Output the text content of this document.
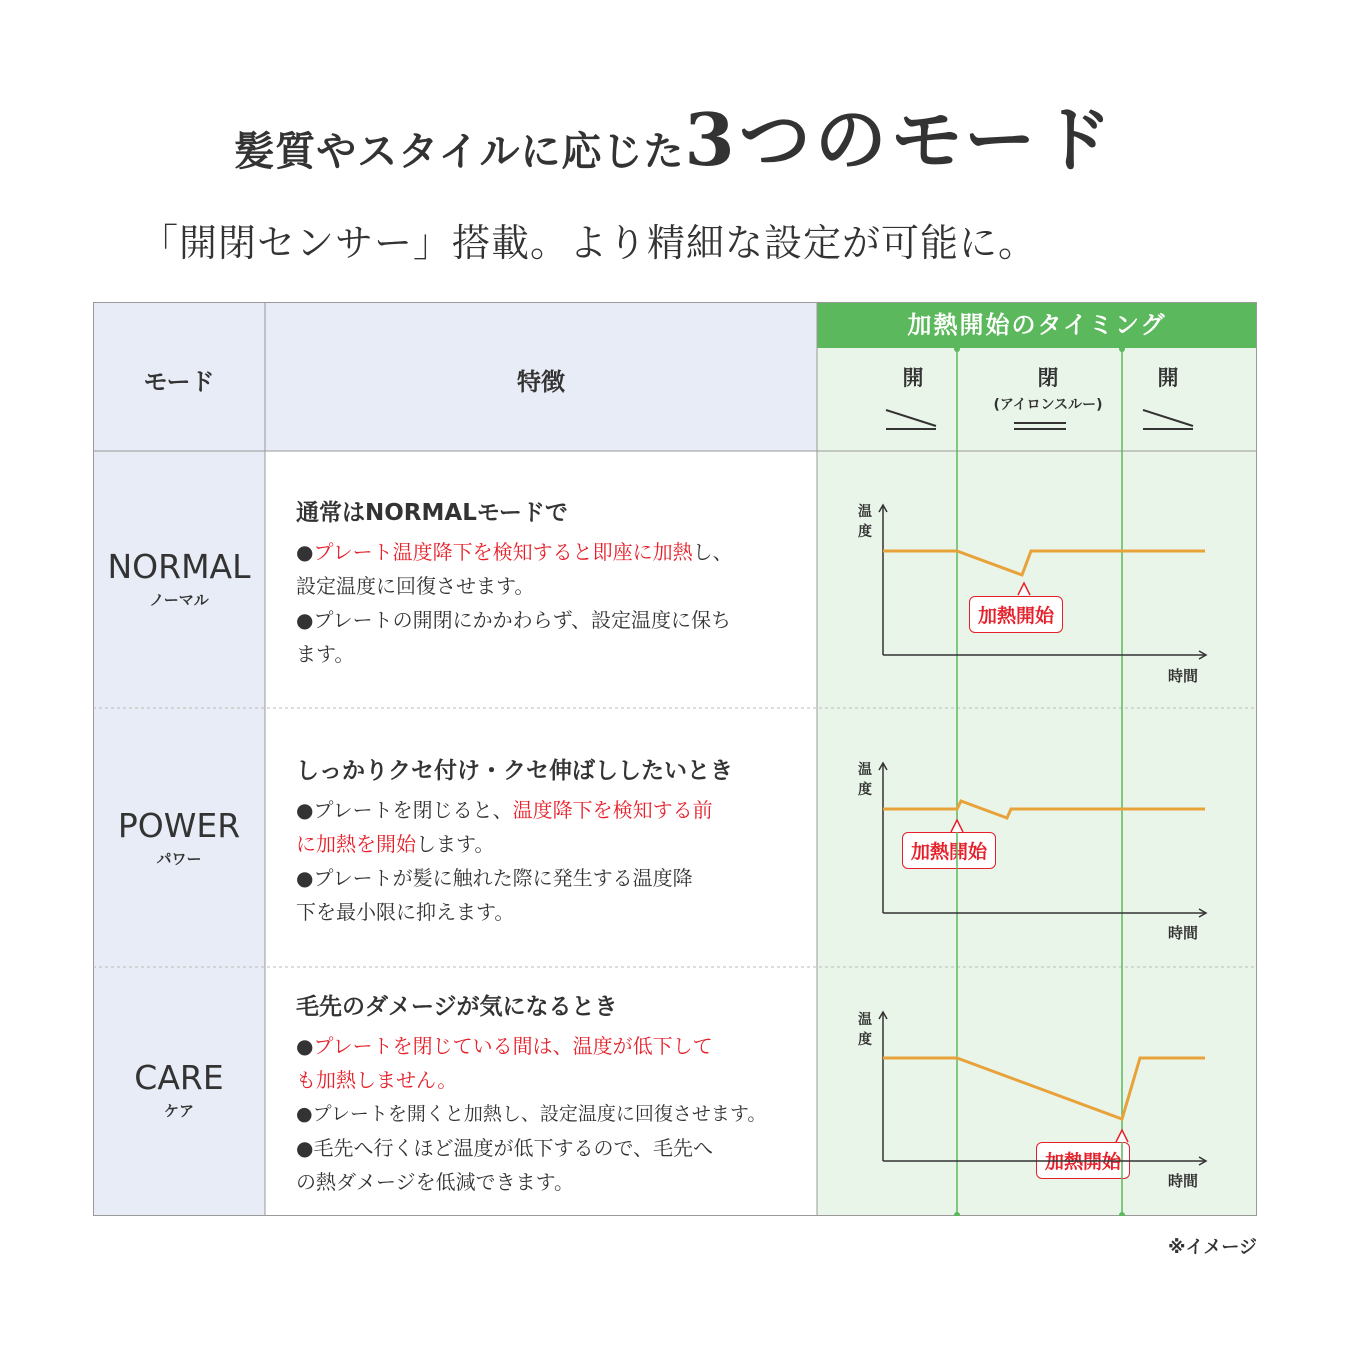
髪質やスタイルに応じた3つのモード
「開閉センサー」搭載。より精細な設定が可能に。
モード	特徴
加熱開始のタイミング
開	閉
(アイロンスルー)
開
NORMAL
ノーマル
POWER
パワー
CARE
ケア
通常はNORMALモードで
●プレート温度降下を検知すると即座に加熱し、
設定温度に回復させます。
●プレートの開閉にかかわらず、設定温度に保ち
ます。
しっかりクセ付け・クセ伸ばししたいとき
●プレートを閉じると、温度降下を検知する前
に加熱を開始します。
●プレートが髪に触れた際に発生する温度降
下を最小限に抑えます。
毛先のダメージが気になるとき
●プレートを閉じている間は、温度が低下して
も加熱しません。
●プレートを開くと加熱し、設定温度に回復させます。
●毛先へ行くほど温度が低下するので、毛先へ
の熱ダメージを低減できます。
温度
時間
温度
時間
温度
時間
加熱開始
加熱開始
加熱開始
※イメージ
